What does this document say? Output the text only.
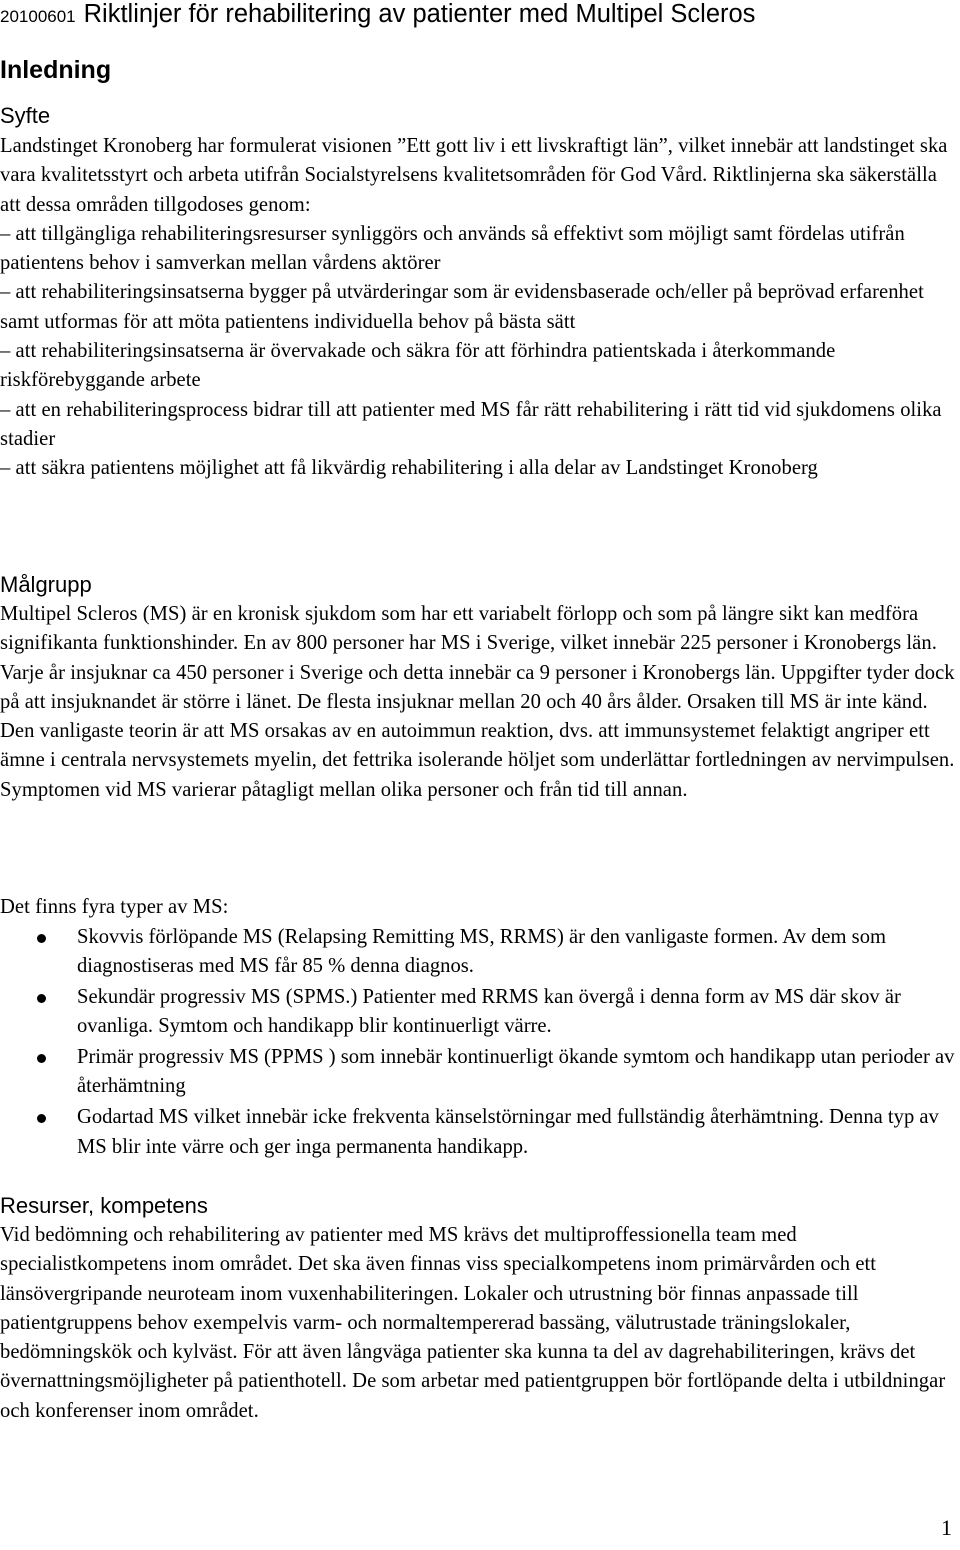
20100601 Riktlinjer för rehabilitering av patienter med Multipel Scleros
Inledning
Syfte
Landstinget Kronoberg har formulerat visionen ”Ett gott liv i ett livskraftigt län”, vilket innebär att landstinget ska vara kvalitetsstyrt och arbeta utifrån Socialstyrelsens kvalitetsområden för God Vård. Riktlinjerna ska säkerställa att dessa områden tillgodoses genom:
– att tillgängliga rehabiliteringsresurser synliggörs och används så effektivt som möjligt samt fördelas utifrån patientens behov i samverkan mellan vårdens aktörer
– att rehabiliteringsinsatserna bygger på utvärderingar som är evidensbaserade och/eller på beprövad erfarenhet samt utformas för att möta patientens individuella behov på bästa sätt
– att rehabiliteringsinsatserna är övervakade och säkra för att förhindra patientskada i återkommande riskförebyggande arbete
– att en rehabiliteringsprocess bidrar till att patienter med MS får rätt rehabilitering i rätt tid vid sjukdomens olika stadier
– att säkra patientens möjlighet att få likvärdig rehabilitering i alla delar av Landstinget Kronoberg
Målgrupp

Multipel Scleros (MS) är en kronisk sjukdom som har ett variabelt förlopp och som på längre sikt kan medföra signifikanta funktionshinder. En av 800 personer har MS i Sverige, vilket innebär 225 personer i Kronobergs län. Varje år insjuknar ca 450 personer i Sverige och detta innebär ca 9 personer i Kronobergs län. Uppgifter tyder dock på att insjuknandet är större i länet. De flesta insjuknar mellan 20 och 40 års ålder. Orsaken till MS är inte känd. Den vanligaste teorin är att MS orsakas av en autoimmun reaktion, dvs. att immunsystemet felaktigt angriper ett ämne i centrala nervsystemets myelin, det fettrika isolerande höljet som underlättar fortledningen av nervimpulsen. Symptomen vid MS varierar påtagligt mellan olika personer och från tid till annan.

Det finns fyra typer av MS:

Skovvis förlöpande MS (Relapsing Remitting MS, RRMS) är den vanligaste formen. Av dem som diagnostiseras med MS får 85 % denna diagnos.
Sekundär progressiv MS (SPMS.) Patienter med RRMS kan övergå i denna form av MS där skov är ovanliga. Symtom och handikapp blir kontinuerligt värre.
Primär progressiv MS (PPMS ) som innebär kontinuerligt ökande symtom och handikapp utan perioder av återhämtning
Godartad MS vilket innebär icke frekventa känselstörningar med fullständig återhämtning. Denna typ av MS blir inte värre och ger inga permanenta handikapp.
Resurser, kompetens

Vid bedömning och rehabilitering av patienter med MS krävs det multiproffessionella team med specialistkompetens inom området. Det ska även finnas viss specialkompetens inom primärvården och ett länsövergripande neuroteam inom vuxenhabiliteringen. Lokaler och utrustning bör finnas anpassade till patientgruppens behov exempelvis varm- och normaltempererad bassäng, välutrustade träningslokaler, bedömningskök och kylväst. För att även långväga patienter ska kunna ta del av dagrehabiliteringen, krävs det övernattningsmöjligheter på patienthotell. De som arbetar med patientgruppen bör fortlöpande delta i utbildningar och konferenser inom området.

1
